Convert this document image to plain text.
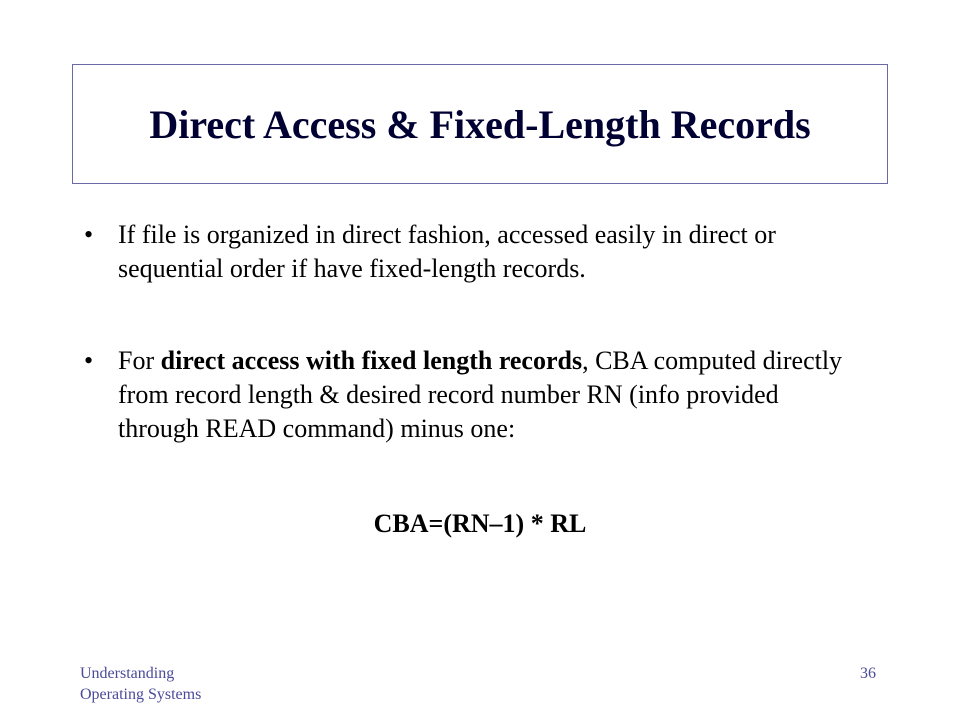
Direct Access & Fixed-Length Records
• If file is organized in direct fashion, accessed easily in direct or sequential order if have fixed-length records.
• For direct access with fixed length records, CBA computed directly from record length & desired record number RN (info provided through READ command) minus one:
CBA=(RN–1) * RL
Understanding
Operating Systems
36
